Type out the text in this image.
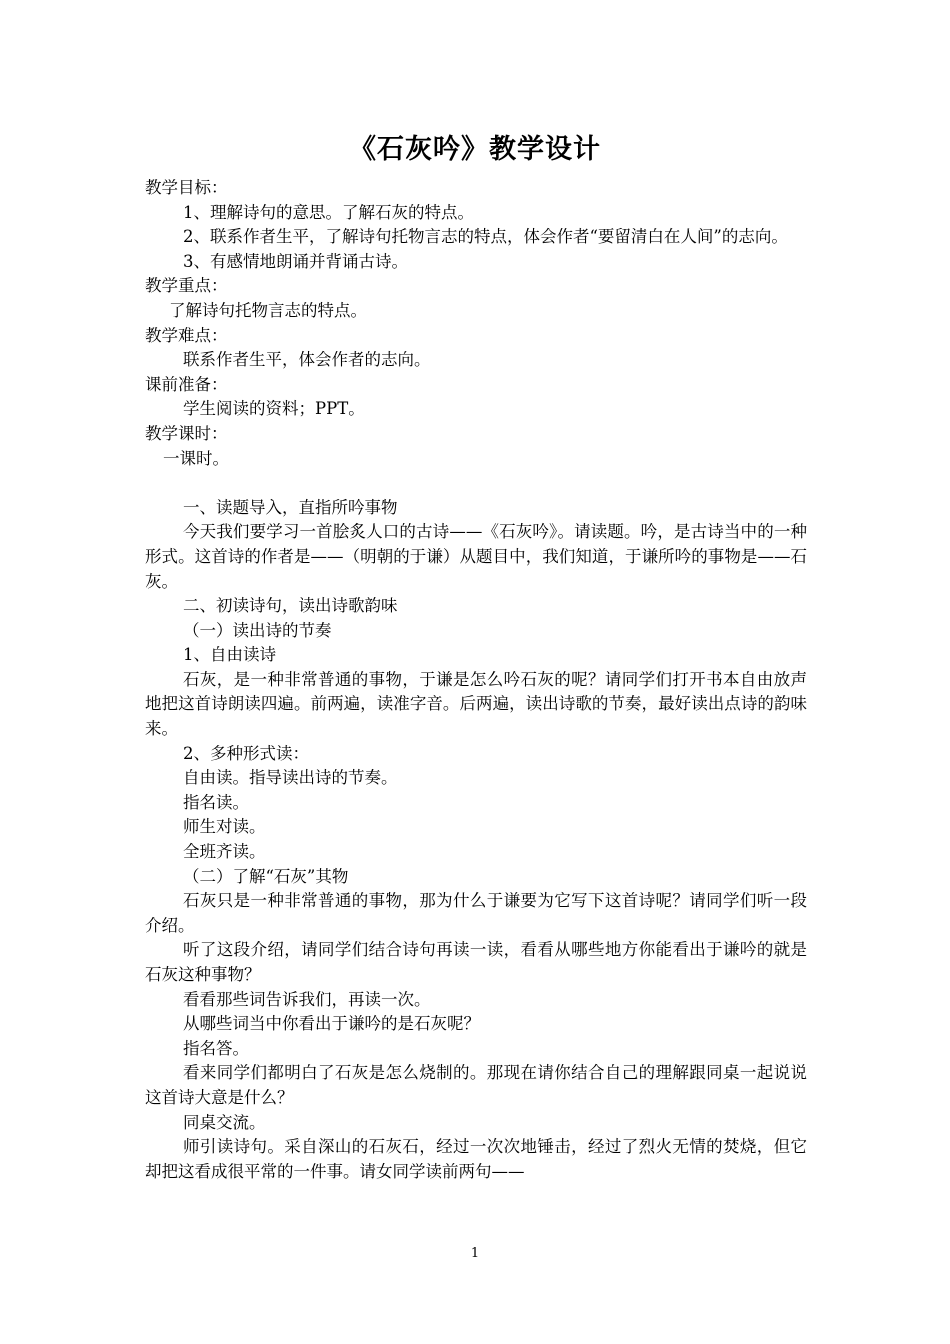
《石灰吟》教学设计

教学目标：

1、理解诗句的意思。了解石灰的特点。

2、联系作者生平，了解诗句托物言志的特点，体会作者“要留清白在人间”的志向。

3、有感情地朗诵并背诵古诗。

教学重点：

了解诗句托物言志的特点。

教学难点：

联系作者生平，体会作者的志向。

课前准备：

学生阅读的资料；PPT。

教学课时：

一课时。

一、读题导入，直指所吟事物

今天我们要学习一首脍炙人口的古诗——《石灰吟》。请读题。吟，是古诗当中的一种形式。这首诗的作者是——（明朝的于谦）从题目中，我们知道，于谦所吟的事物是——石灰。

二、初读诗句，读出诗歌韵味

（一）读出诗的节奏

1、自由读诗

石灰，是一种非常普通的事物，于谦是怎么吟石灰的呢？请同学们打开书本自由放声地把这首诗朗读四遍。前两遍，读准字音。后两遍，读出诗歌的节奏，最好读出点诗的韵味来。

2、多种形式读：

自由读。指导读出诗的节奏。

指名读。

师生对读。

全班齐读。

（二）了解“石灰”其物

石灰只是一种非常普通的事物，那为什么于谦要为它写下这首诗呢？请同学们听一段介绍。

听了这段介绍，请同学们结合诗句再读一读，看看从哪些地方你能看出于谦吟的就是石灰这种事物？

看看那些词告诉我们，再读一次。

从哪些词当中你看出于谦吟的是石灰呢？

指名答。

看来同学们都明白了石灰是怎么烧制的。那现在请你结合自己的理解跟同桌一起说说这首诗大意是什么？

同桌交流。

师引读诗句。采自深山的石灰石，经过一次次地锤击，经过了烈火无情的焚烧，但它却把这看成很平常的一件事。请女同学读前两句——

1
